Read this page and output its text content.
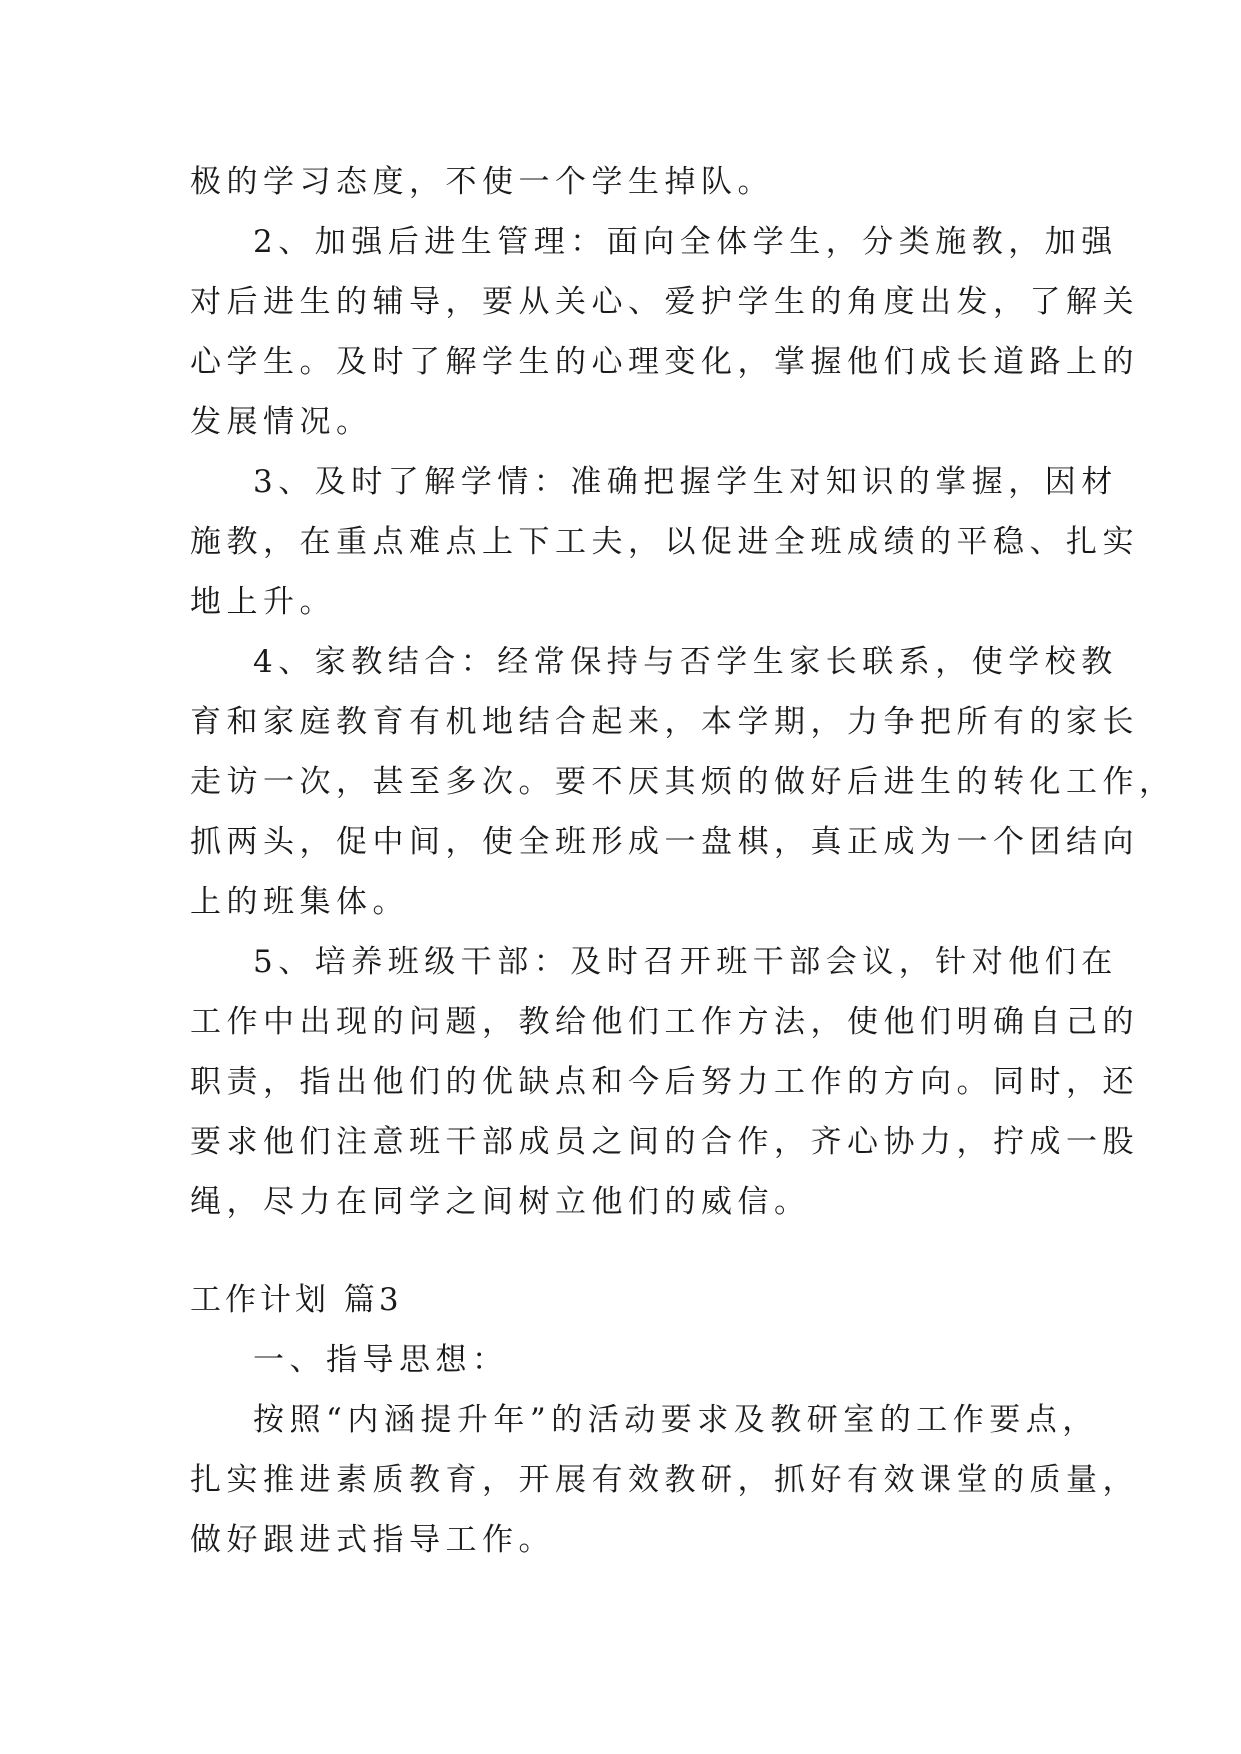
极的学习态度，不使一个学生掉队。
2、加强后进生管理：面向全体学生，分类施教，加强
对后进生的辅导，要从关心、爱护学生的角度出发，了解关
心学生。及时了解学生的心理变化，掌握他们成长道路上的
发展情况。
3、及时了解学情：准确把握学生对知识的掌握，因材
施教，在重点难点上下工夫，以促进全班成绩的平稳、扎实
地上升。
4、家教结合：经常保持与否学生家长联系，使学校教
育和家庭教育有机地结合起来，本学期，力争把所有的家长
走访一次，甚至多次。要不厌其烦的做好后进生的转化工作，
抓两头，促中间，使全班形成一盘棋，真正成为一个团结向
上的班集体。
5、培养班级干部：及时召开班干部会议，针对他们在
工作中出现的问题，教给他们工作方法，使他们明确自己的
职责，指出他们的优缺点和今后努力工作的方向。同时，还
要求他们注意班干部成员之间的合作，齐心协力，拧成一股
绳，尽力在同学之间树立他们的威信。
工作计划 篇3
一、指导思想：
按照“内涵提升年”的活动要求及教研室的工作要点，
扎实推进素质教育，开展有效教研，抓好有效课堂的质量，
做好跟进式指导工作。
